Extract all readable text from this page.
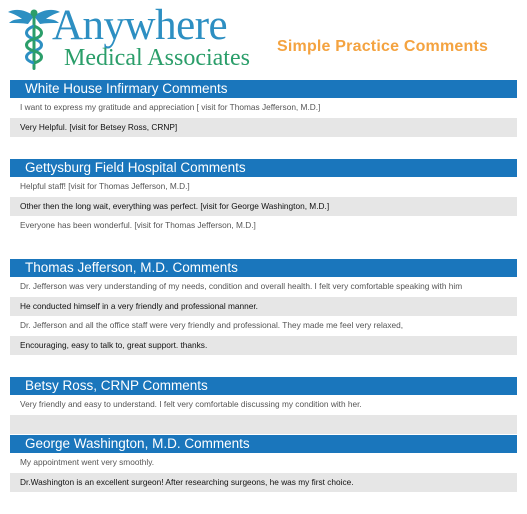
Anywhere
Medical Associates Simple Practice Comments
White House Infirmary Comments
I want to express my gratitude and appreciation [ visit for Thomas Jefferson, M.D.]
Very Helpful. [visit for Betsey Ross, CRNP]
Gettysburg Field Hospital Comments
Helpful staff! [visit for Thomas Jefferson, M.D.]
Other then the long wait, everything was perfect. [visit for George Washington, M.D.]
Everyone has been wonderful. [visit for Thomas Jefferson, M.D.]
Thomas Jefferson, M.D. Comments
Dr. Jefferson was very understanding of my needs, condition and overall health. I felt very comfortable speaking with him
He conducted himself in a very friendly and professional manner.
Dr. Jefferson and all the office staff were very friendly and professional. They made me feel very relaxed,
Encouraging, easy to talk to, great support. thanks.
Betsy Ross, CRNP Comments
Very friendly and easy to understand. I felt very comfortable discussing my condition with her.
George Washington, M.D. Comments
My appointment went very smoothly.
Dr.Washington is an excellent surgeon! After researching surgeons, he was my first choice.
